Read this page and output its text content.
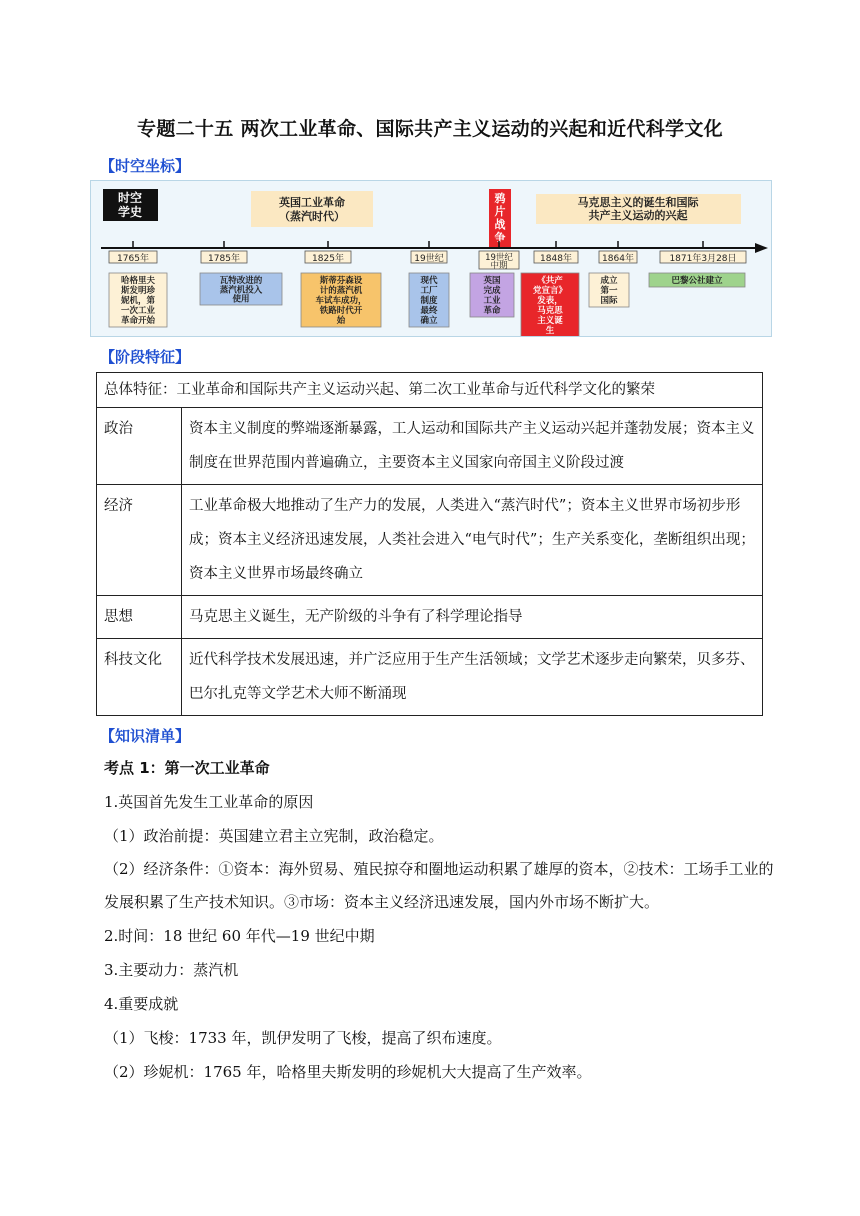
专题二十五 两次工业革命、国际共产主义运动的兴起和近代科学文化
【时空坐标】
时空
学史
英国工业革命
（蒸汽时代）
马克思主义的诞生和国际
共产主义运动的兴起
鸦
片
战
争
1765年	1785年	1825年	19世纪	19世纪
中期
1848年	1864年	1871年3月28日
哈格里夫
斯发明珍
妮机，第
一次工业
革命开始
瓦特改进的
蒸汽机投入
使用
斯蒂芬森设
计的蒸汽机
车试车成功，
铁路时代开
始
现代
工厂
制度
最终
确立
英国
完成
工业
革命
《共产
党宣言》
发表，
马克思
主义诞
生
成立
第一
国际
巴黎公社建立
【阶段特征】
总体特征：工业革命和国际共产主义运动兴起、第二次工业革命与近代科学文化的繁荣	
政治	资本主义制度的弊端逐渐暴露，工人运动和国际共产主义运动兴起并蓬勃发展；资本主义制度在世界范围内普遍确立，主要资本主义国家向帝国主义阶段过渡
经济	工业革命极大地推动了生产力的发展，人类进入“蒸汽时代”；资本主义世界市场初步形成；资本主义经济迅速发展，人类社会进入“电气时代”；生产关系变化，垄断组织出现；资本主义世界市场最终确立
思想	马克思主义诞生，无产阶级的斗争有了科学理论指导
科技文化	近代科学技术发展迅速，并广泛应用于生产生活领域；文学艺术逐步走向繁荣，贝多芬、巴尔扎克等文学艺术大师不断涌现
【知识清单】
考点 1：第一次工业革命
1.英国首先发生工业革命的原因
（1）政治前提：英国建立君主立宪制，政治稳定。
（2）经济条件：①资本：海外贸易、殖民掠夺和圈地运动积累了雄厚的资本，②技术：工场手工业的发展积累了生产技术知识。③市场：资本主义经济迅速发展，国内外市场不断扩大。
2.时间：18 世纪 60 年代—19 世纪中期
3.主要动力：蒸汽机
4.重要成就
（1）飞梭：1733 年，凯伊发明了飞梭，提高了织布速度。
（2）珍妮机：1765 年，哈格里夫斯发明的珍妮机大大提高了生产效率。
